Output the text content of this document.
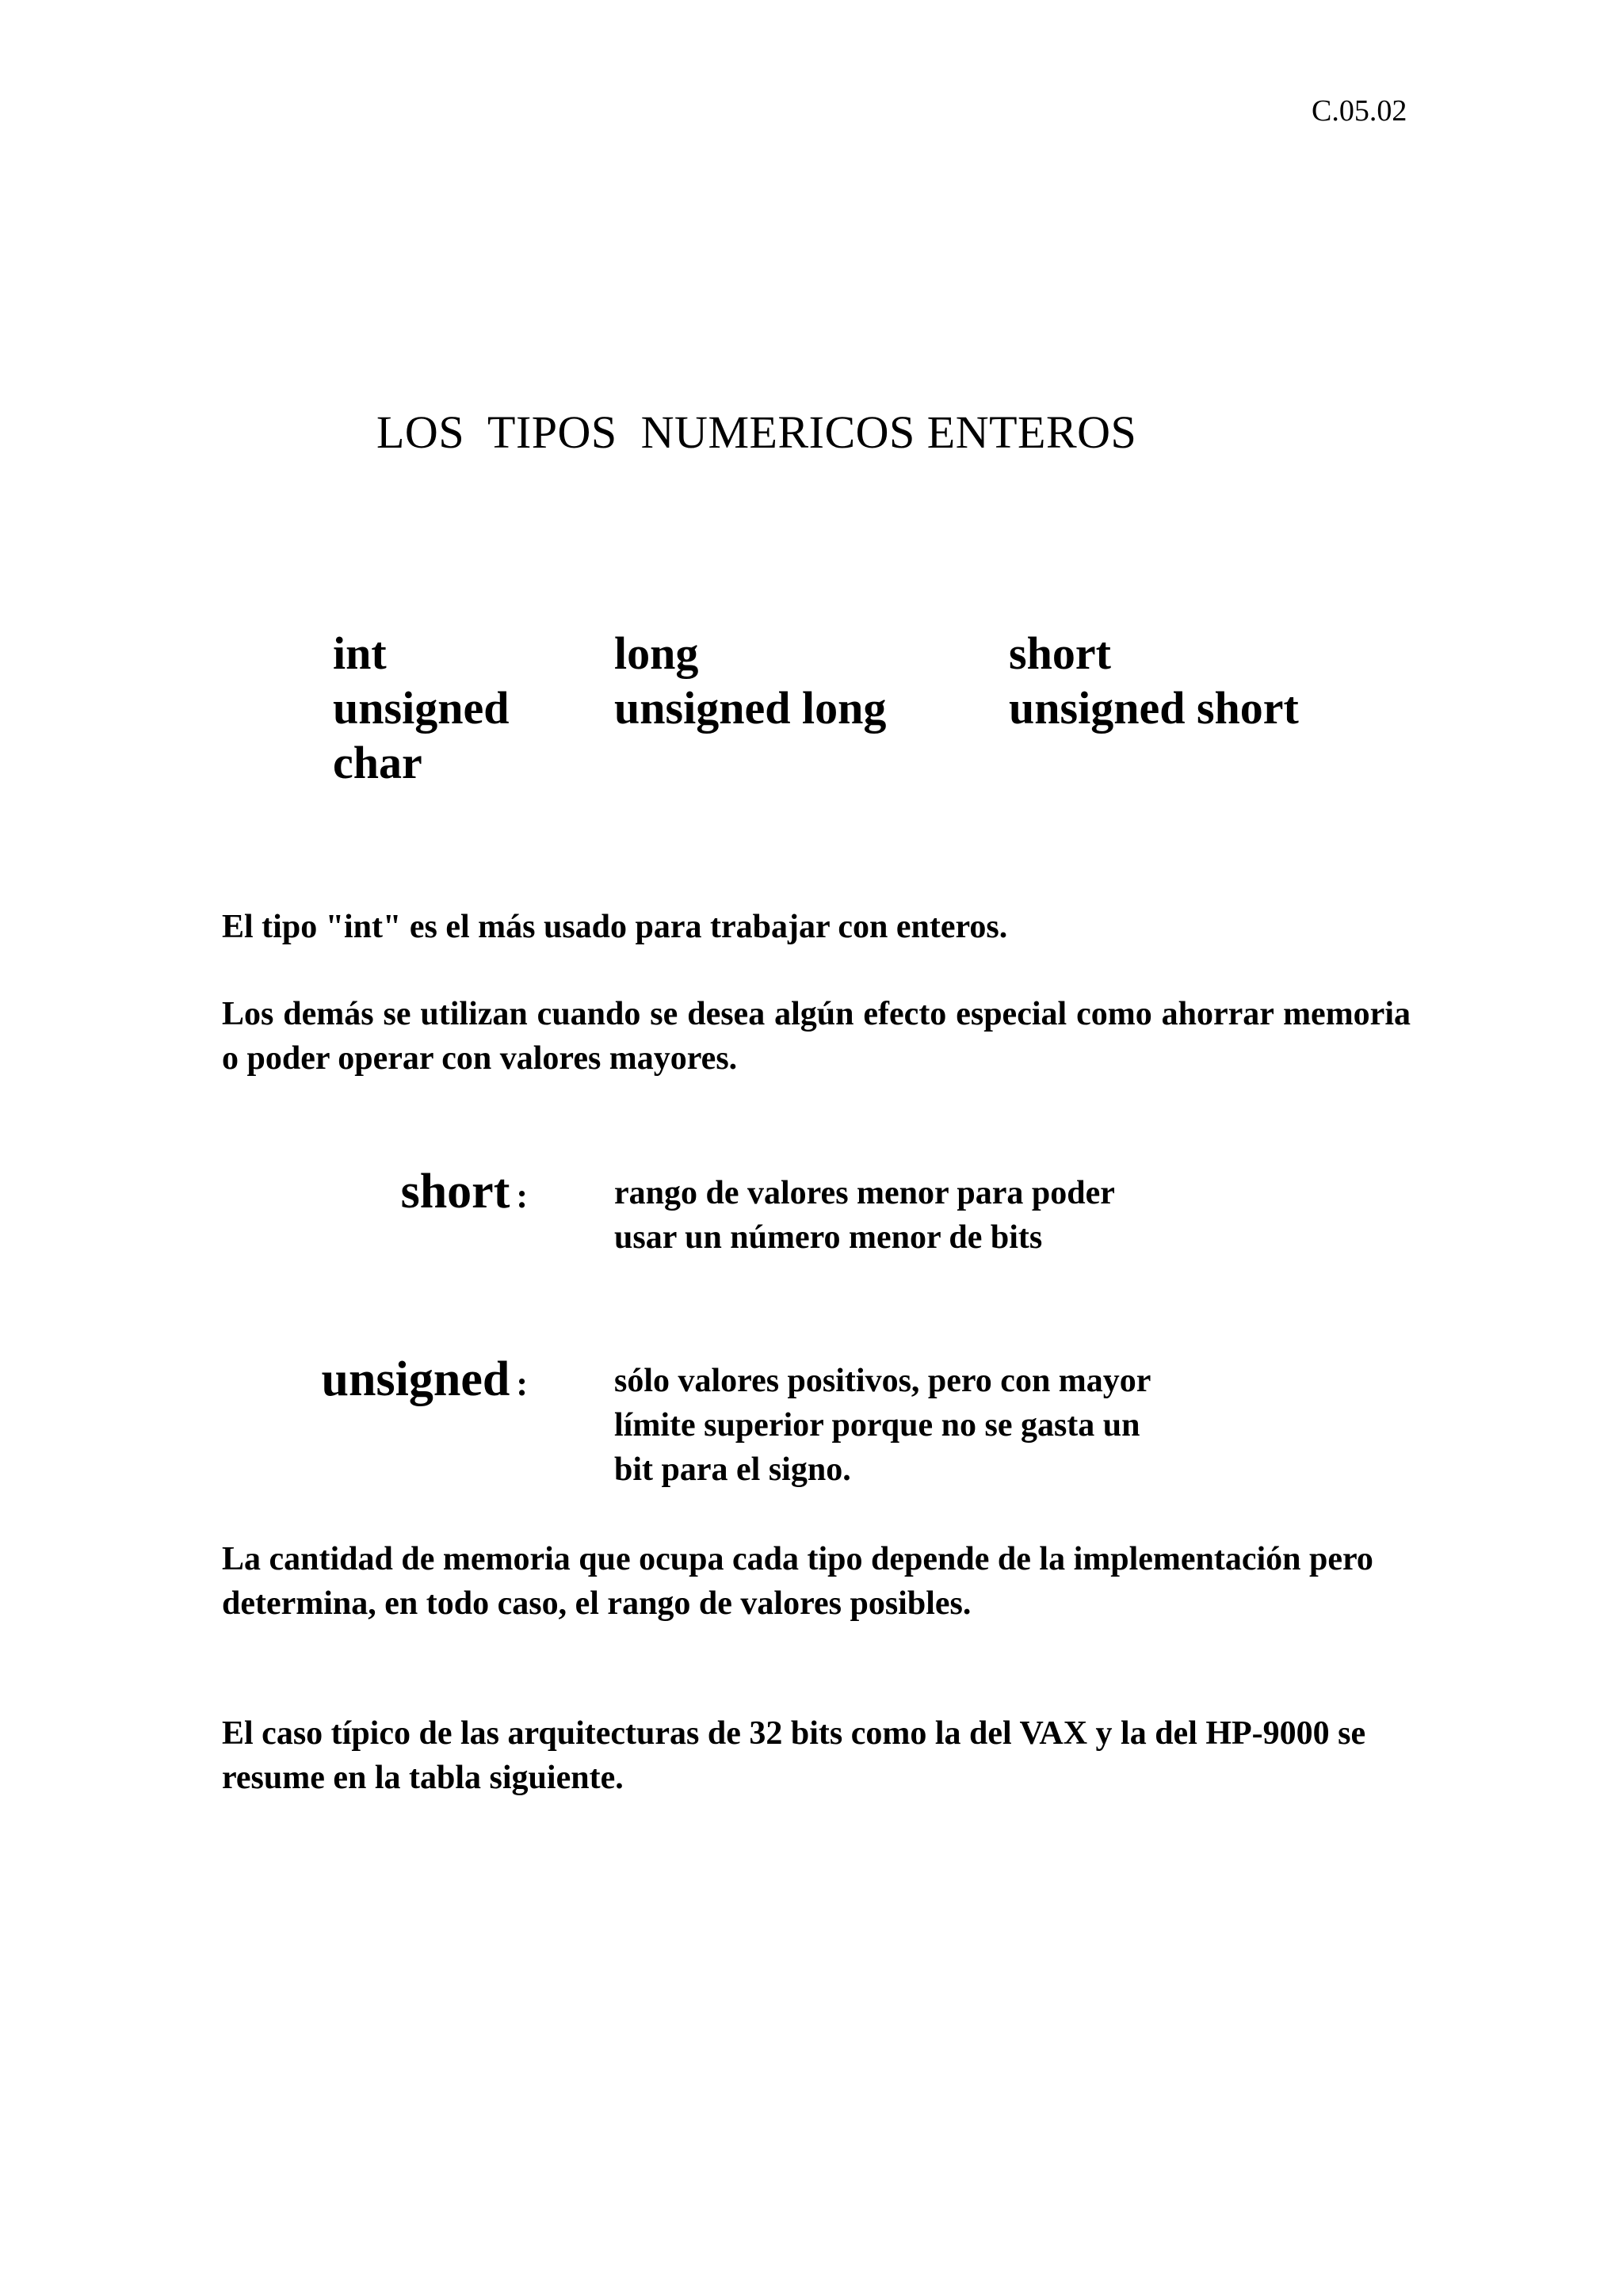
C.05.02
LOS  TIPOS  NUMERICOS ENTEROS
int	long	short
unsigned	unsigned long	unsigned short
char

El tipo "int" es el más usado para trabajar con enteros.

Los demás se utilizan cuando se desea algún efecto especial como ahorrar memoria o poder operar con valores mayores.

short :	rango de valores menor para poder usar un número menor de bits

unsigned :	sólo valores positivos, pero con mayor límite superior porque no se gasta un bit para el signo.

La cantidad de memoria que ocupa cada tipo depende de la implementación pero determina, en todo caso, el rango de valores posibles.

El caso típico de las arquitecturas de 32 bits como la del VAX y la del HP-9000 se resume en la tabla siguiente.
